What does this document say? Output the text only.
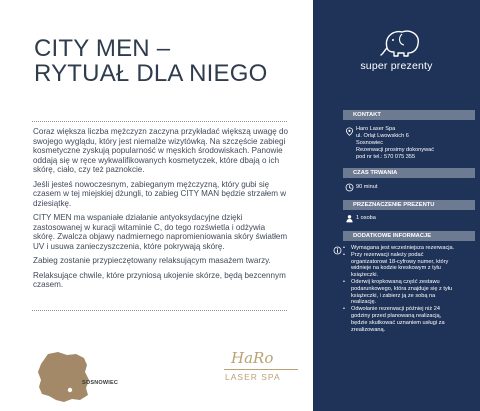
CITY MEN –
RYTUAŁ DLA NIEGO

Coraz większa liczba mężczyzn zaczyna przykładać większą uwagę do swojego wyglądu, który jest niemalże wizytówką. Na szczęście zabiegi kosmetyczne zyskują popularność w męskich środowiskach. Panowie oddają się w ręce wykwalifikowanych kosmetyczek, które dbają o ich skórę, ciało, czy też paznokcie.

Jeśli jesteś nowoczesnym, zabieganym mężczyzną, który gubi się czasem w tej miejskiej dżungli, to zabieg CITY MAN będzie strzałem w dziesiątkę.

CITY MEN ma wspaniałe działanie antyoksydacyjne dzięki zastosowanej w kuracji witaminie C, do tego rozświetla i odżywia skórę. Zwalcza objawy nadmiernego napromieniowania skóry światłem UV i usuwa zanieczyszczenia, które pokrywają skórę.

Zabieg zostanie przypieczętowany relaksującym masażem twarzy.

Relaksujące chwile, które przyniosą ukojenie skórze, będą bezcennym czasem.

SOSNOWIEC
HaRo
LASER SPA
super prezenty
KONTAKT
Haro Laser Spa
ul. Orląt Lwowskich 6
Sosnowiec
Rezerwacji prosimy dokonywać
pod nr tel.: 570 075 355
CZAS TRWANIA
90 minut
PRZEZNACZENIE PREZENTU
1 osoba
DODATKOWE INFORMACJE
• Wymagana jest wcześniejsza rezerwacja.
• Przy rezerwacji należy podać organizatorowi 18-cyfrowy numer, który widnieje na kodzie kreskowym z tyłu książeczki.
• Oderwij kropkowaną część zestawu podarunkowego, która znajduje się z tyłu książeczki, i zabierz ją ze sobą na realizację.
• Odwołanie rezerwacji później niż 24 godziny przed planowaną realizacją, będzie skutkować uznaniem usługi za zrealizowaną.
